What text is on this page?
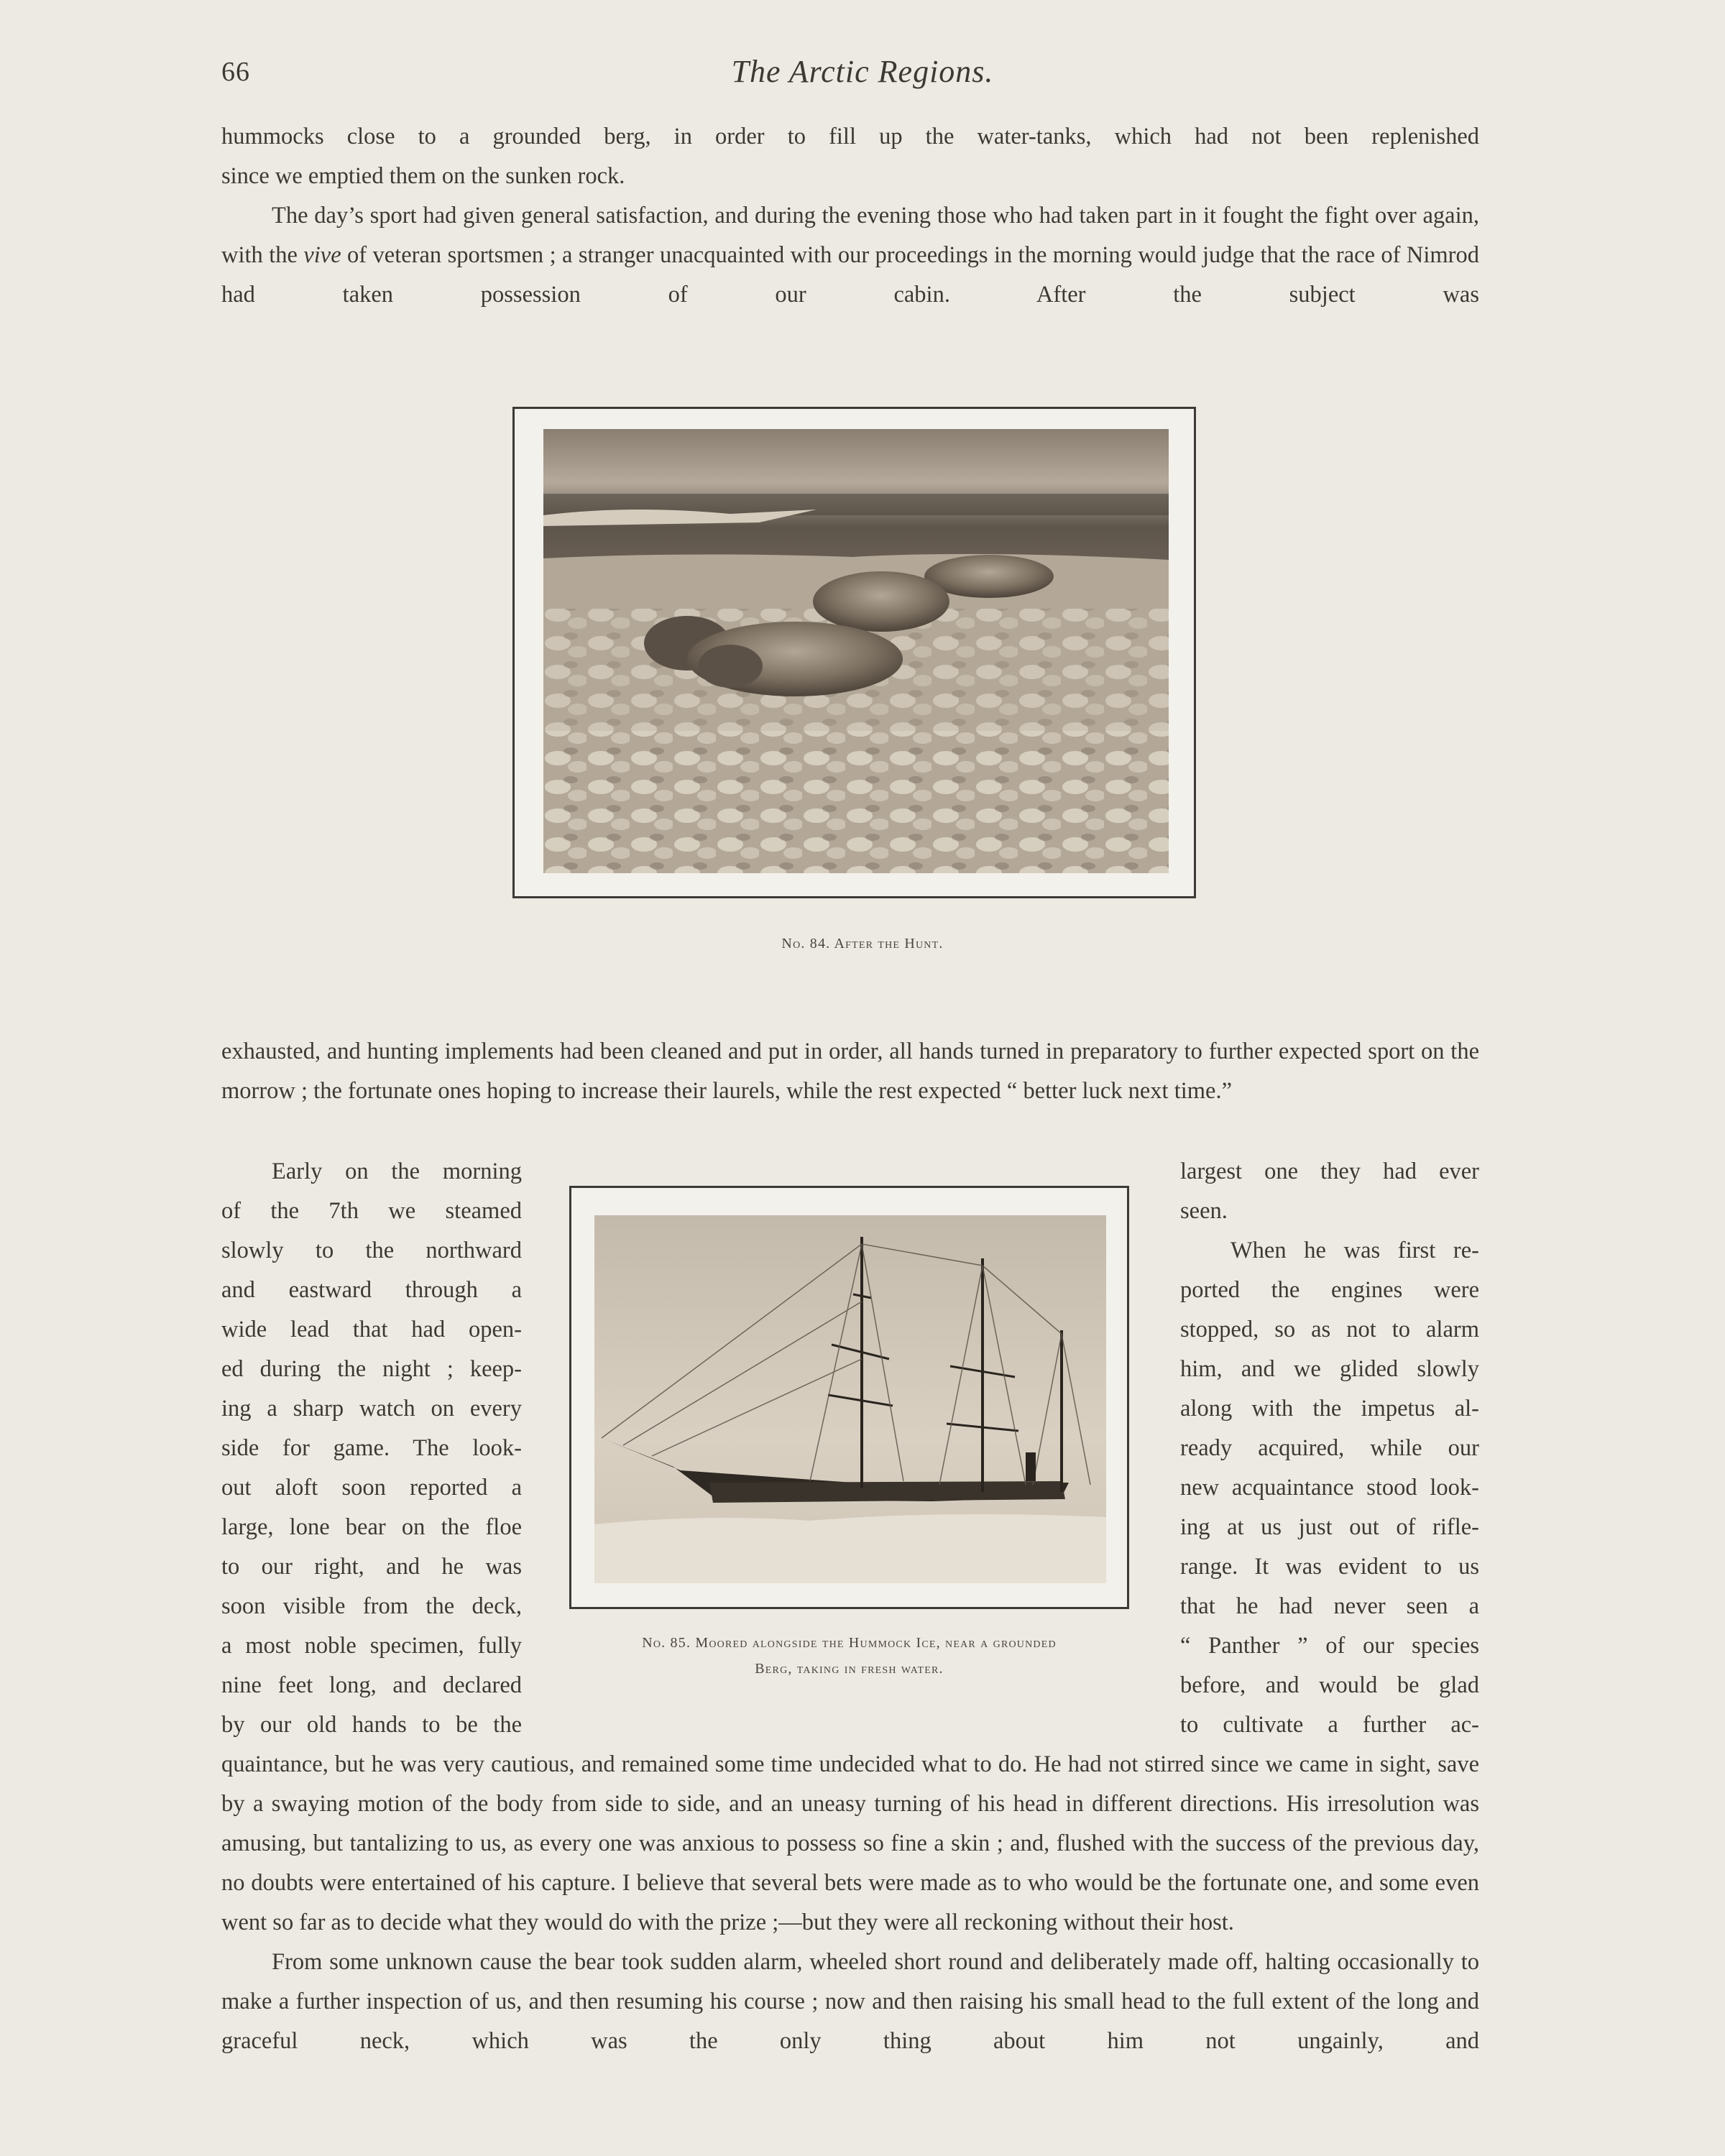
66	The Arctic Regions.

hummocks close to a grounded berg, in order to fill up the water-tanks, which had not been replenished

since we emptied them on the sunken rock.

The day’s sport had given general satisfaction, and during the evening those who had taken part in it fought the fight over again, with the vive of veteran sportsmen ; a stranger unacquainted with our proceedings in the morning would judge that the race of Nimrod had taken possession of our cabin. After the subject was

No. 84. After the Hunt.
exhausted, and hunting implements had been cleaned and put in order, all hands turned in preparatory to further expected sport on the morrow ; the fortunate ones hoping to increase their laurels, while the rest expected “ better luck next time.”
Early on the morning
of the 7th we steamed
slowly to the northward
and eastward through a
wide lead that had open-
ed during the night ; keep-
ing a sharp watch on every
side for game. The look-
out aloft soon reported a
large, lone bear on the floe
to our right, and he was
soon visible from the deck,
a most noble specimen, fully
nine feet long, and declared
by our old hands to be the
No. 85. Moored alongside the Hummock Ice, near a grounded
Berg, taking in fresh water.
largest one they had ever
seen.
When he was first re-
ported the engines were
stopped, so as not to alarm
him, and we glided slowly
along with the impetus al-
ready acquired, while our
new acquaintance stood look-
ing at us just out of rifle-
range. It was evident to us
that he had never seen a
“ Panther ” of our species
before, and would be glad
to cultivate a further ac-

quaintance, but he was very cautious, and remained some time undecided what to do. He had not stirred since we came in sight, save by a swaying motion of the body from side to side, and an uneasy turning of his head in different directions. His irresolution was amusing, but tantalizing to us, as every one was anxious to possess so fine a skin ; and, flushed with the success of the previous day, no doubts were entertained of his capture. I believe that several bets were made as to who would be the fortunate one, and some even went so far as to decide what they would do with the prize ;—but they were all reckoning without their host.

From some unknown cause the bear took sudden alarm, wheeled short round and deliberately made off, halting occasionally to make a further inspection of us, and then resuming his course ; now and then raising his small head to the full extent of the long and graceful neck, which was the only thing about him not ungainly, and
